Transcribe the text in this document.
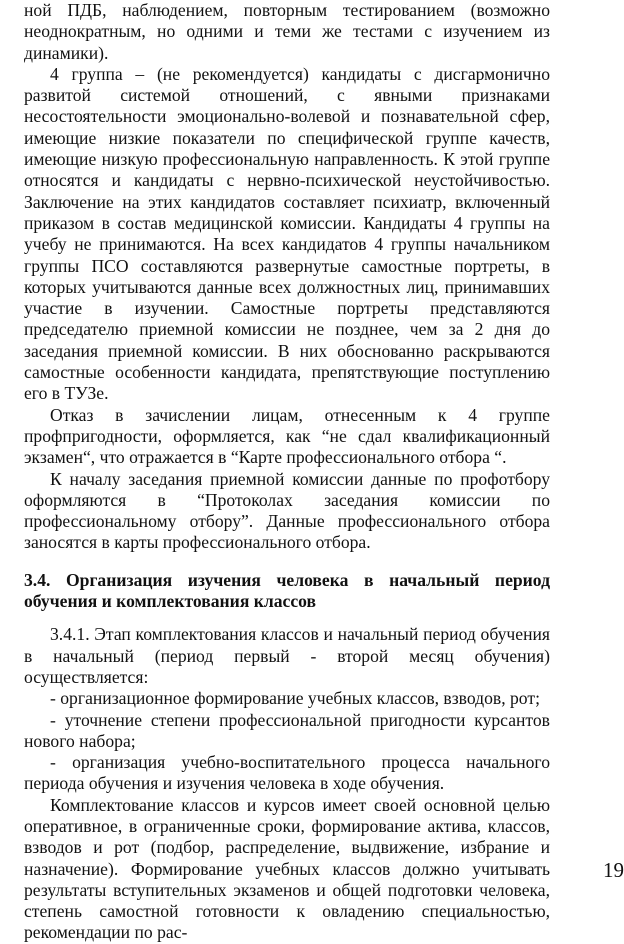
ной ПДБ, наблюдением, повторным тестированием (возможно неоднократным, но одними и теми же тестами с изучением из динамики).

4 группа – (не рекомендуется) кандидаты с дисгармонично развитой системой отношений, с явными признаками несостоятельности эмоционально-волевой и познавательной сфер, имеющие низкие показатели по специфической группе качеств, имеющие низкую профессиональную направленность. К этой группе относятся и кандидаты с нервно-психической неустойчивостью. Заключение на этих кандидатов составляет психиатр, включенный приказом в состав медицинской комиссии. Кандидаты 4 группы на учебу не принимаются. На всех кандидатов 4 группы начальником группы ПСО составляются развернутые самостные портреты, в которых учитываются данные всех должностных лиц, принимавших участие в изучении. Самостные портреты представляются председателю приемной комиссии не позднее, чем за 2 дня до заседания приемной комиссии. В них обоснованно раскрываются самостные особенности кандидата, препятствующие поступлению его в ТУЗе.

Отказ в зачислении лицам, отнесенным к 4 группе профпригодности, оформляется, как “не сдал квалификационный экзамен“, что отражается в “Карте профессионального отбора “.

К началу заседания приемной комиссии данные по профотбору оформляются в “Протоколах заседания комиссии по профессиональному отбору”. Данные профессионального отбора заносятся в карты профессионального отбора.

3.4. Организация изучения человека в начальный период обучения и комплектования классов

3.4.1. Этап комплектования классов и начальный период обучения в начальный (период первый - второй месяц обучения) осуществляется:

- организационное формирование учебных классов, взводов, рот;

- уточнение степени профессиональной пригодности курсантов нового набора;

- организация учебно-воспитательного процесса начального периода обучения и изучения человека в ходе обучения.

Комплектование классов и курсов имеет своей основной целью оперативное, в ограниченные сроки, формирование актива, классов, взводов и рот (подбор, распределение, выдвижение, избрание и назначение). Формирование учебных классов должно учитывать результаты вступительных экзаменов и общей подготовки человека, степень самостной готовности к овладению специальностью, рекомендации по рас-

19
